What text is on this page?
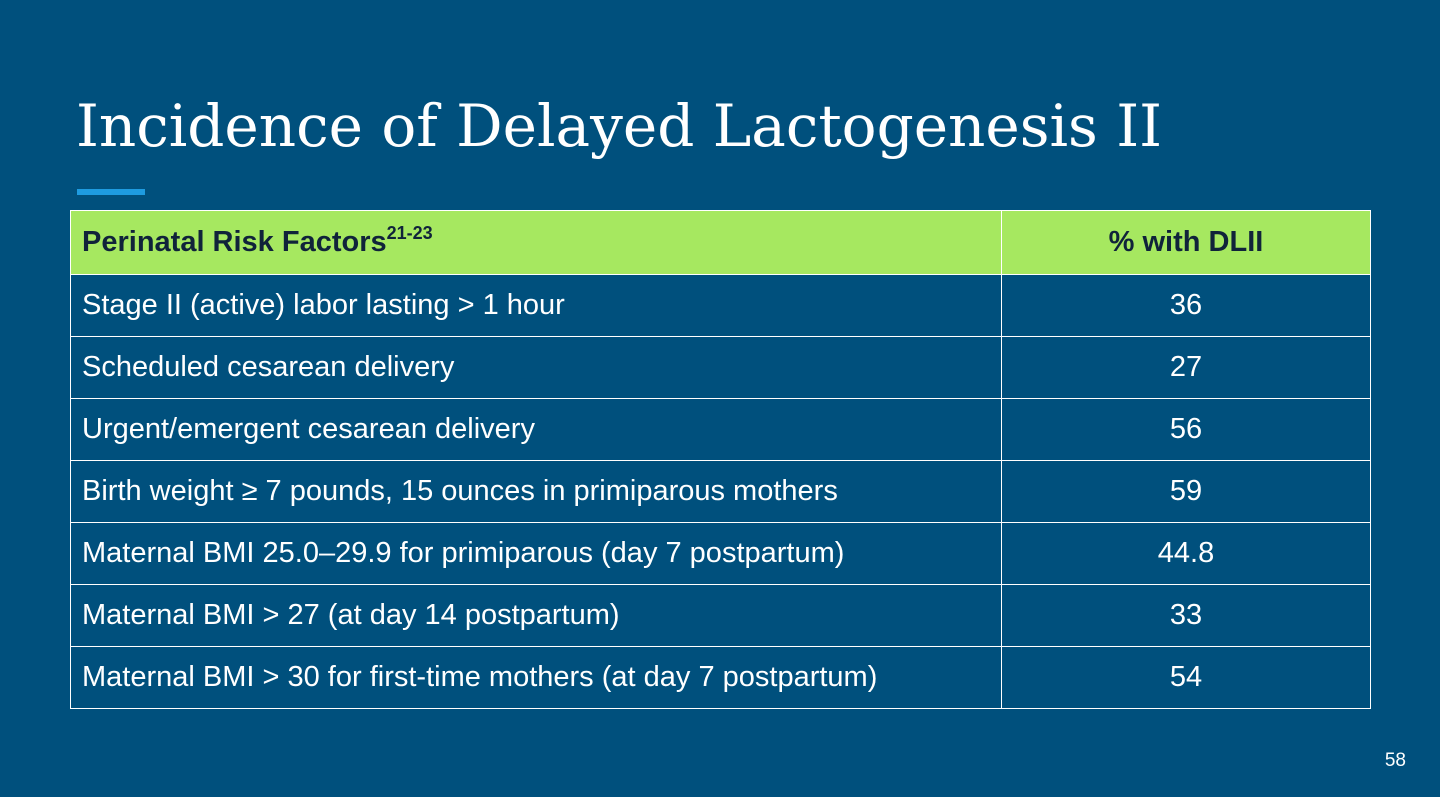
Incidence of Delayed Lactogenesis II
Perinatal Risk Factors$^{21-23}$	% with DLII
Stage II (active) labor lasting > 1 hour	36
Scheduled cesarean delivery	27
Urgent/emergent cesarean delivery	56
Birth weight ≥ 7 pounds, 15 ounces in primiparous mothers	59
Maternal BMI 25.0–29.9 for primiparous (day 7 postpartum)	44.8
Maternal BMI > 27 (at day 14 postpartum)	33
Maternal BMI > 30 for first-time mothers (at day 7 postpartum)	54
58
